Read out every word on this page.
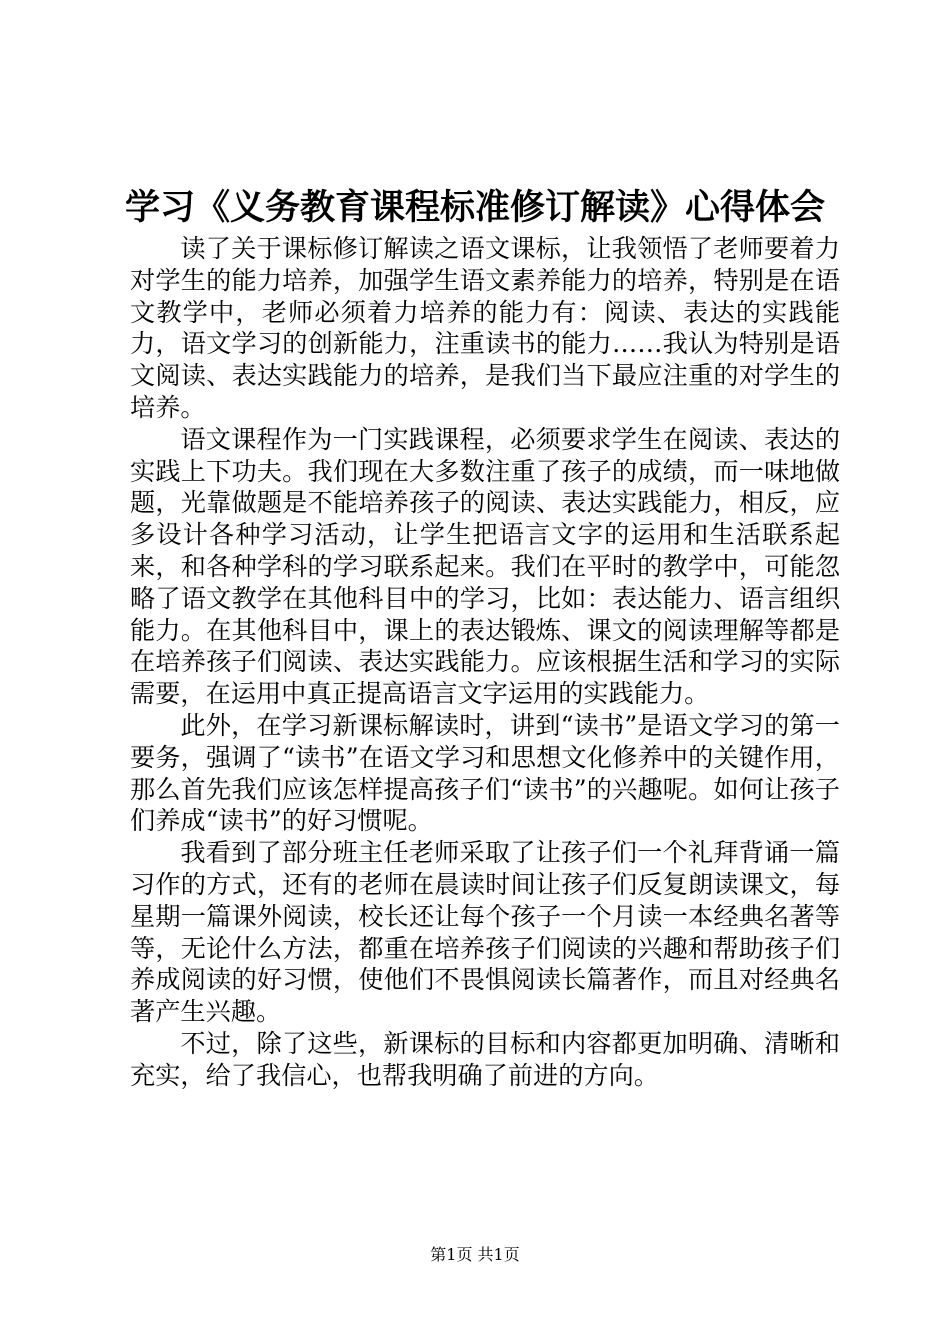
学习《义务教育课程标准修订解读》心得体会

读了关于课标修订解读之语文课标，让我领悟了老师要着力对学生的能力培养，加强学生语文素养能力的培养，特别是在语文教学中，老师必须着力培养的能力有：阅读、表达的实践能力，语文学习的创新能力，注重读书的能力……我认为特别是语文阅读、表达实践能力的培养，是我们当下最应注重的对学生的培养。

语文课程作为一门实践课程，必须要求学生在阅读、表达的实践上下功夫。我们现在大多数注重了孩子的成绩，而一味地做题，光靠做题是不能培养孩子的阅读、表达实践能力，相反，应多设计各种学习活动，让学生把语言文字的运用和生活联系起来，和各种学科的学习联系起来。我们在平时的教学中，可能忽略了语文教学在其他科目中的学习，比如：表达能力、语言组织能力。在其他科目中，课上的表达锻炼、课文的阅读理解等都是在培养孩子们阅读、表达实践能力。应该根据生活和学习的实际需要，在运用中真正提高语言文字运用的实践能力。

此外，在学习新课标解读时，讲到“读书”是语文学习的第一要务，强调了“读书”在语文学习和思想文化修养中的关键作用，那么首先我们应该怎样提高孩子们“读书”的兴趣呢。如何让孩子们养成“读书”的好习惯呢。

我看到了部分班主任老师采取了让孩子们一个礼拜背诵一篇习作的方式，还有的老师在晨读时间让孩子们反复朗读课文，每星期一篇课外阅读，校长还让每个孩子一个月读一本经典名著等等，无论什么方法，都重在培养孩子们阅读的兴趣和帮助孩子们养成阅读的好习惯，使他们不畏惧阅读长篇著作，而且对经典名著产生兴趣。

不过，除了这些，新课标的目标和内容都更加明确、清晰和充实，给了我信心，也帮我明确了前进的方向。

第1页 共1页
